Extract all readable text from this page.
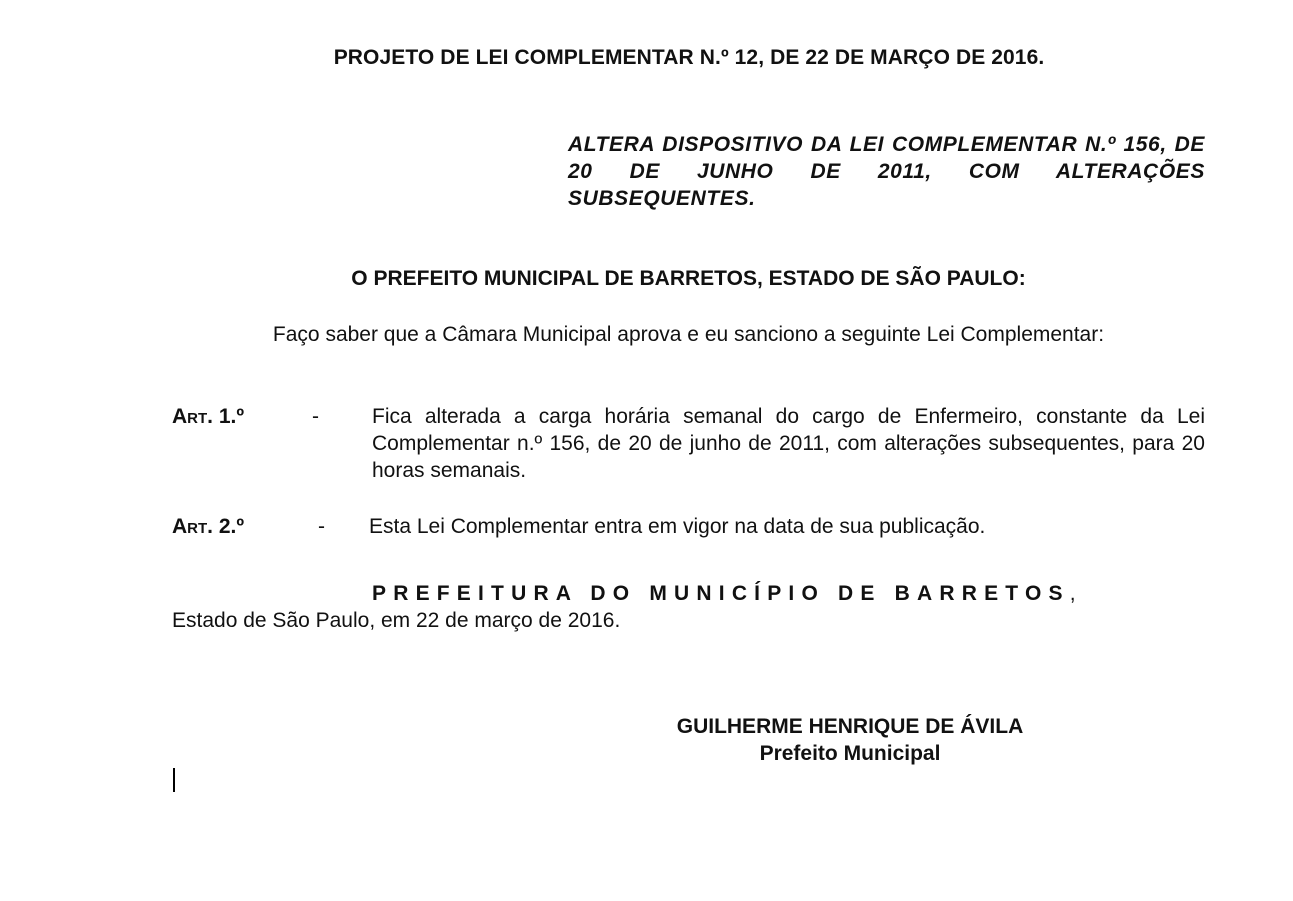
PROJETO DE LEI COMPLEMENTAR N.º 12, DE 22 DE MARÇO DE 2016.
ALTERA DISPOSITIVO DA LEI COMPLEMENTAR N.º 156, DE 20 DE JUNHO DE 2011, COM ALTERAÇÕES SUBSEQUENTES.
O PREFEITO MUNICIPAL DE BARRETOS, ESTADO DE SÃO PAULO:
Faço saber que a Câmara Municipal aprova e eu sanciono a seguinte Lei Complementar:
Art. 1.º	-	Fica alterada a carga horária semanal do cargo de Enfermeiro, constante da Lei Complementar n.º 156, de 20 de junho de 2011, com alterações subsequentes, para 20 horas semanais.
Art. 2.º	- Esta Lei Complementar entra em vigor na data de sua publicação.
PREFEITURA DO MUNICÍPIO DE BARRETOS,
Estado de São Paulo, em 22 de março de 2016.
GUILHERME HENRIQUE DE ÁVILA
Prefeito Municipal
